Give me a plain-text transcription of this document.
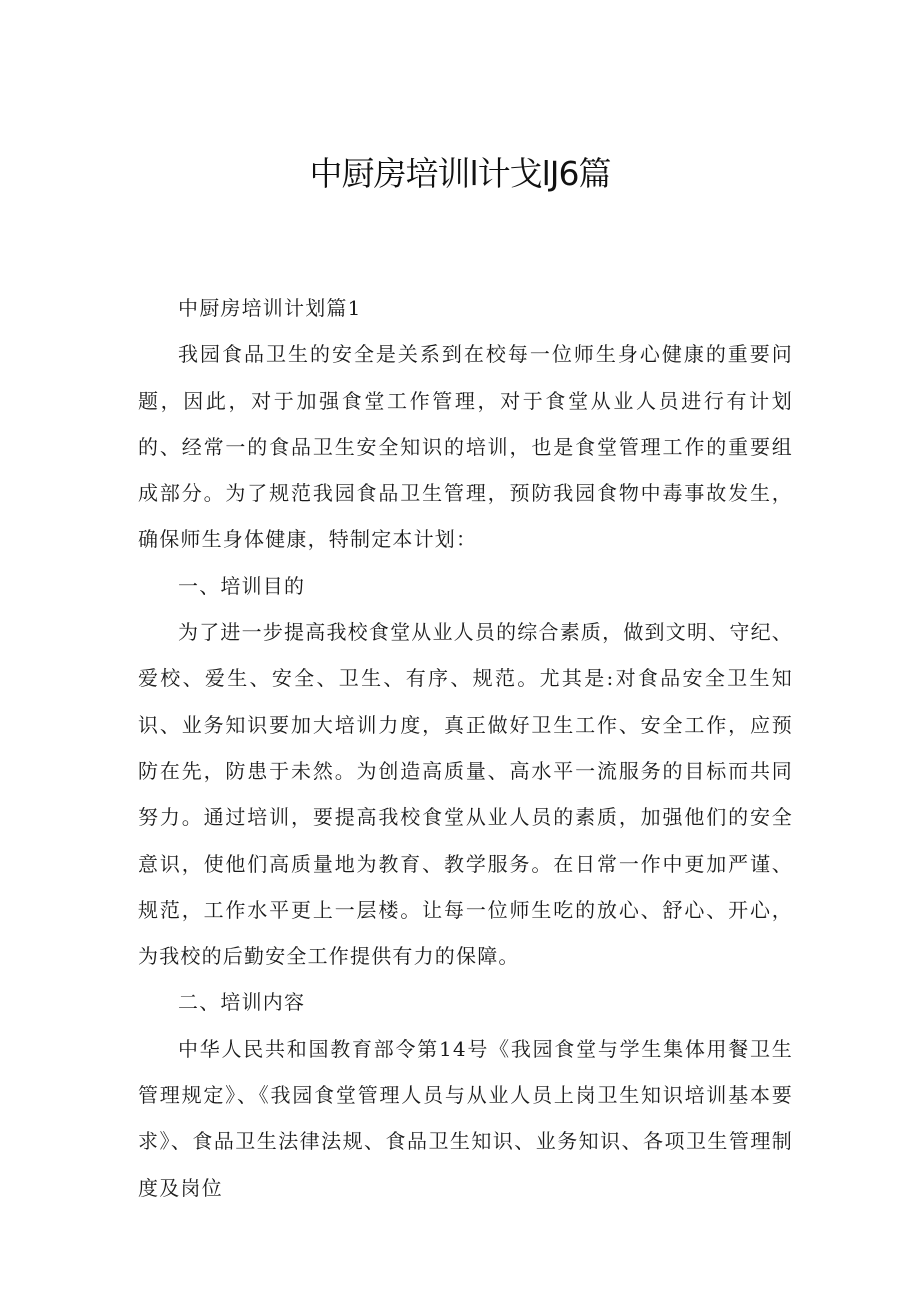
中厨房培训l计戈lJ6篇

中厨房培训计划篇1

我园食品卫生的安全是关系到在校每一位师生身心健康的重要问题，因此，对于加强食堂工作管理，对于食堂从业人员进行有计划的、经常一的食品卫生安全知识的培训，也是食堂管理工作的重要组成部分。为了规范我园食品卫生管理，预防我园食物中毒事故发生，确保师生身体健康，特制定本计划：

一、培训目的

为了进一步提高我校食堂从业人员的综合素质，做到文明、守纪、爱校、爱生、安全、卫生、有序、规范。尤其是:对食品安全卫生知识、业务知识要加大培训力度，真正做好卫生工作、安全工作，应预防在先，防患于未然。为创造高质量、高水平一流服务的目标而共同努力。通过培训，要提高我校食堂从业人员的素质，加强他们的安全意识，使他们高质量地为教育、教学服务。在日常一作中更加严谨、规范，工作水平更上一层楼。让每一位师生吃的放心、舒心、开心，为我校的后勤安全工作提供有力的保障。

二、培训内容

中华人民共和国教育部令第14号《我园食堂与学生集体用餐卫生管理规定》、《我园食堂管理人员与从业人员上岗卫生知识培训基本要求》、食品卫生法律法规、食品卫生知识、业务知识、各项卫生管理制度及岗位
